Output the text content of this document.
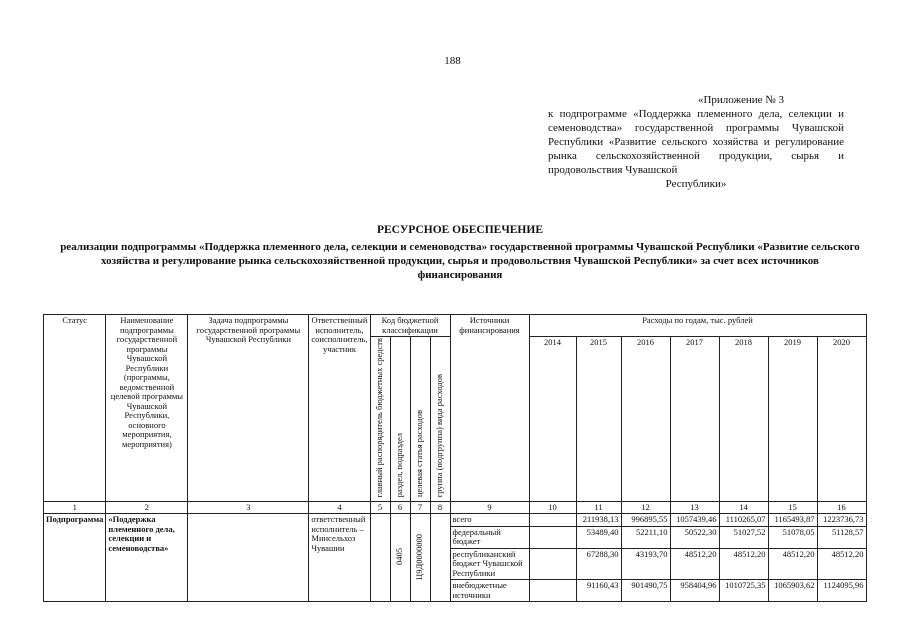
188
«Приложение № 3
к подпрограмме «Поддержка племенного дела, селекции и семеноводства» государственной программы Чувашской Республики «Развитие сельского хозяйства и регулирование рынка сельскохозяйственной продукции, сырья и продовольствия Чувашской
Республики»
РЕСУРСНОЕ ОБЕСПЕЧЕНИЕ
реализации подпрограммы «Поддержка племенного дела, селекции и семеноводства» государственной программы Чувашской Республики «Развитие сельского хозяйства и регулирование рынка сельскохозяйственной продукции, сырья и продовольствия Чувашской Республики» за счет всех источников финансирования
Статус	Наименование подпрограммы государственной программы Чувашской Республики (программы, ведомственной целевой программы Чувашской Республики, основного мероприятия, мероприятия)	Задача подпрограммы государственной программы Чувашской Республики	Ответственный исполнитель, соисполнитель, участник	Код бюджетной классификации				Источники финансирования	Расходы по годам, тыс. рублей						
				главный распорядитель бюджетных средств	раздел, подраздел	целевая статья расходов	группа (подгруппа) вида расходов		2014	2015	2016	2017	2018	2019	2020
1	2	3	4	5	6	7	8	9	10	11	12	13	14	15	16
Подпрограмма	«Поддержка племенного дела, селекции и семеноводства»		ответственный исполнитель – Минсельхоз Чувашии		0405	Ц9Д0000000		всего		211938,13	996895,55	1057439,46	1110265,07	1165493,87	1223736,73
								федеральный бюджет		53489,40	52211,10	50522,30	51027,52	51078,05	51128,57
								республиканский бюджет Чувашской Республики		67288,30	43193,70	48512,20	48512,20	48512,20	48512,20
								внебюджетные источники		91160,43	901490,75	958404,96	1010725,35	1065903,62	1124095,96
